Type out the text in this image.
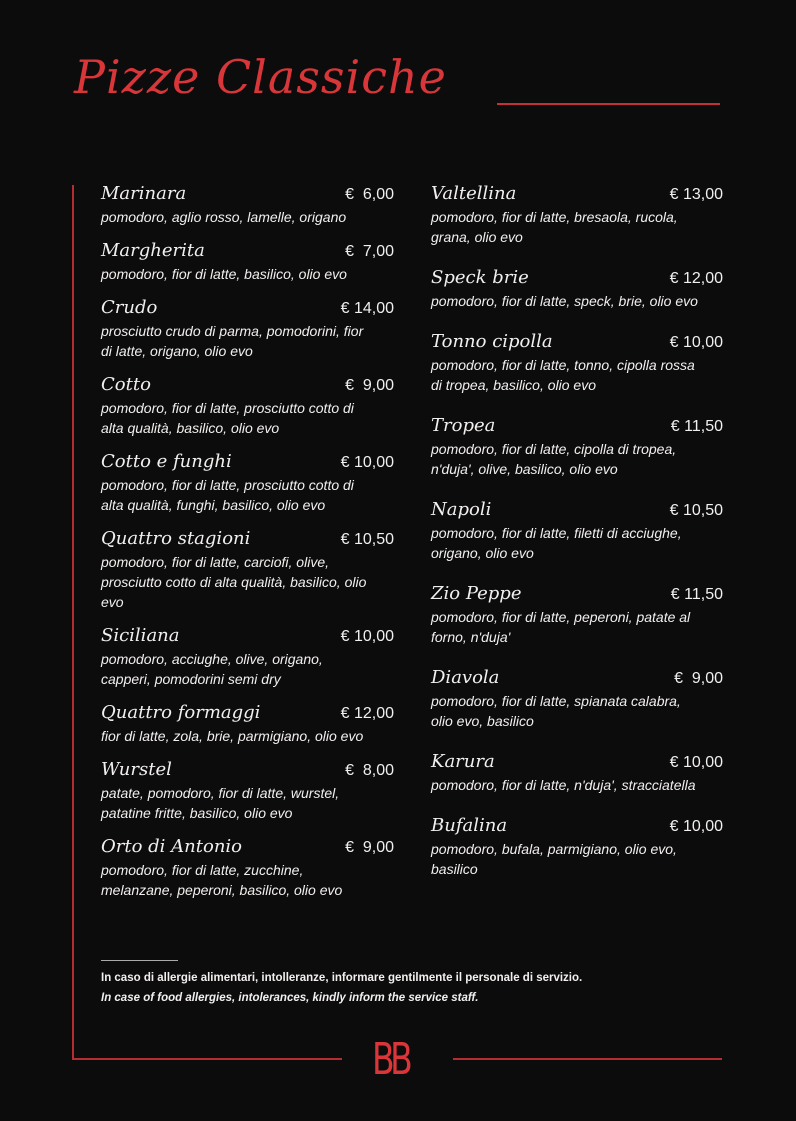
Pizze Classiche
Marinara	€  6,00
pomodoro, aglio rosso, lamelle, origano
Margherita	€  7,00
pomodoro, fior di latte, basilico, olio evo
Crudo	€ 14,00
prosciutto crudo di parma, pomodorini, fior di latte, origano, olio evo
Cotto	€  9,00
pomodoro, fior di latte, prosciutto cotto di alta qualità, basilico, olio evo
Cotto e funghi	€ 10,00
pomodoro, fior di latte, prosciutto cotto di alta qualità, funghi, basilico, olio evo
Quattro stagioni	€ 10,50
pomodoro, fior di latte, carciofi, olive, prosciutto cotto di alta qualità, basilico, olio evo
Siciliana	€ 10,00
pomodoro, acciughe, olive, origano, capperi, pomodorini semi dry
Quattro formaggi	€ 12,00
fior di latte, zola, brie, parmigiano, olio evo
Wurstel	€  8,00
patate, pomodoro, fior di latte, wurstel, patatine fritte, basilico, olio evo
Orto di Antonio	€  9,00
pomodoro, fior di latte, zucchine, melanzane, peperoni, basilico, olio evo
Valtellina	€ 13,00
pomodoro, fior di latte, bresaola, rucola, grana, olio evo
Speck brie	€ 12,00
pomodoro, fior di latte, speck, brie, olio evo
Tonno cipolla	€ 10,00
pomodoro, fior di latte, tonno, cipolla rossa di tropea, basilico, olio evo
Tropea	€ 11,50
pomodoro, fior di latte, cipolla di tropea, n'duja', olive, basilico, olio evo
Napoli	€ 10,50
pomodoro, fior di latte, filetti di acciughe, origano, olio evo
Zio Peppe	€ 11,50
pomodoro, fior di latte, peperoni, patate al forno, n'duja'
Diavola	€  9,00
pomodoro, fior di latte, spianata calabra, olio evo, basilico
Karura	€ 10,00
pomodoro, fior di latte, n'duja', stracciatella
Bufalina	€ 10,00
pomodoro, bufala, parmigiano, olio evo, basilico
In caso di allergie alimentari, intolleranze, informare gentilmente il personale di servizio.
In case of food allergies, intolerances, kindly inform the service staff.
BB
